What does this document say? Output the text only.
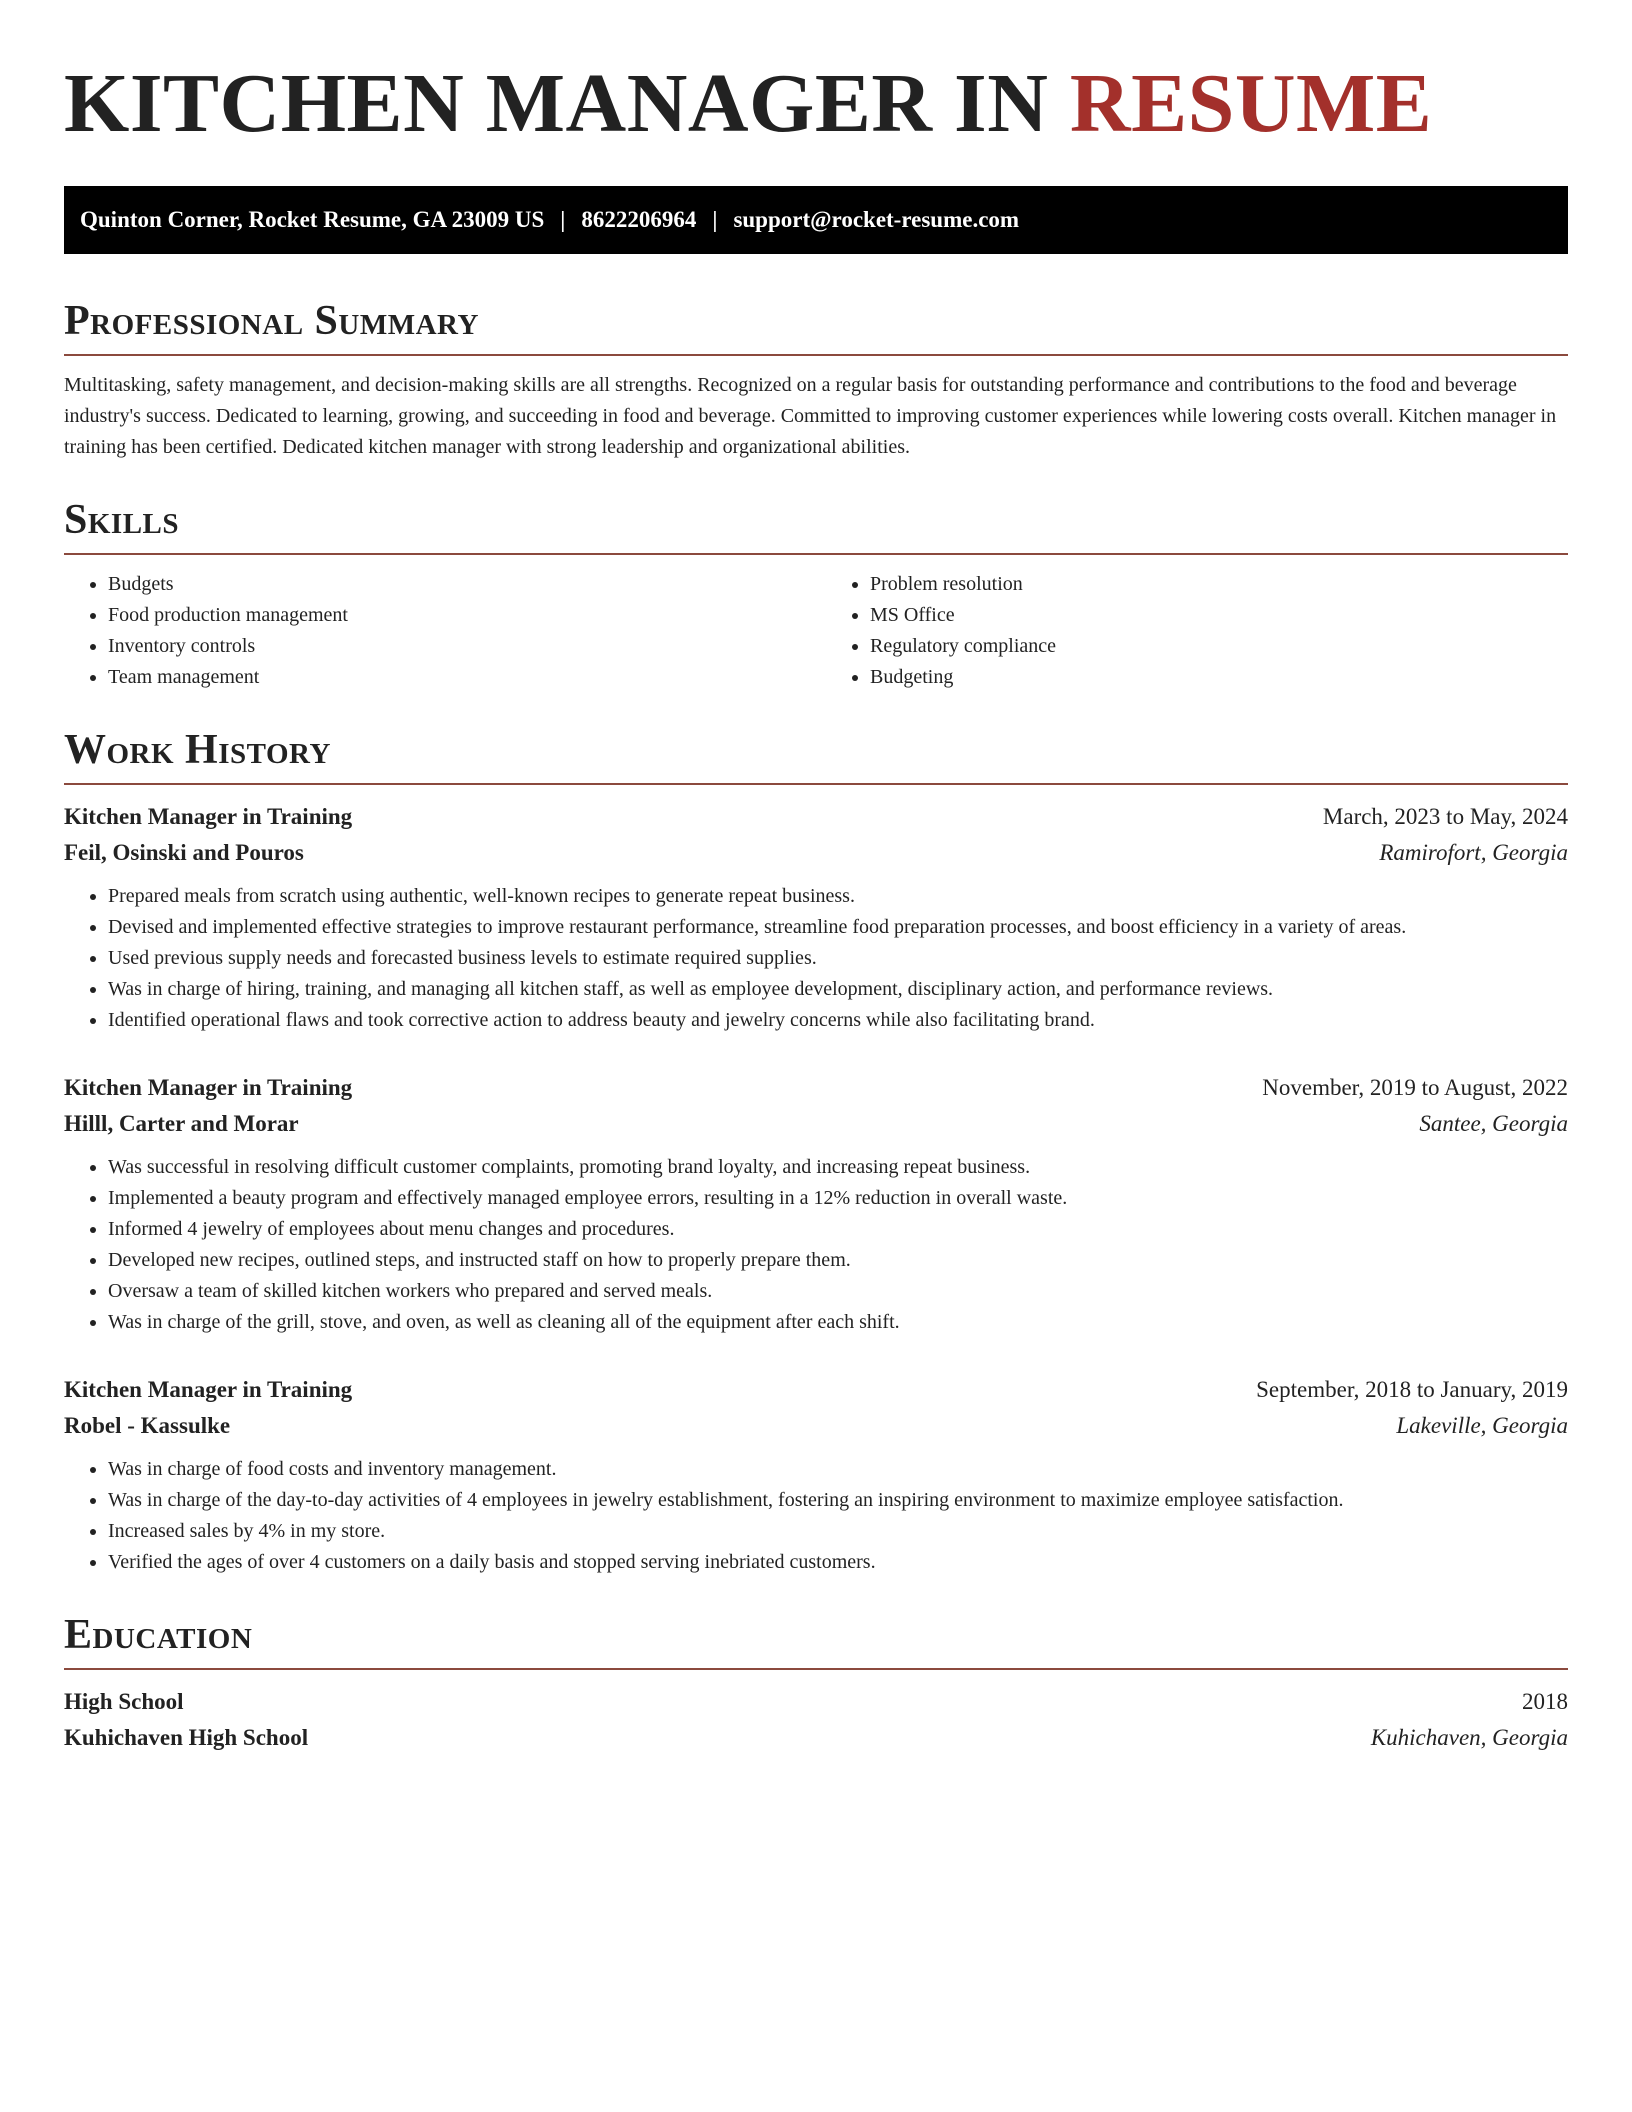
KITCHEN MANAGER IN RESUME
Quinton Corner, Rocket Resume, GA 23009 US | 8622206964 | support@rocket-resume.com
Professional Summary

Multitasking, safety management, and decision-making skills are all strengths. Recognized on a regular basis for outstanding performance and contributions to the food and beverage industry's success. Dedicated to learning, growing, and succeeding in food and beverage. Committed to improving customer experiences while lowering costs overall. Kitchen manager in training has been certified. Dedicated kitchen manager with strong leadership and organizational abilities.

Skills
• Budgets
• Food production management
• Inventory controls
• Team management
• Problem resolution
• MS Office
• Regulatory compliance
• Budgeting
Work History
Kitchen Manager in Training	March, 2023 to May, 2024
Feil, Osinski and Pouros	Ramirofort, Georgia
• Prepared meals from scratch using authentic, well-known recipes to generate repeat business.
• Devised and implemented effective strategies to improve restaurant performance, streamline food preparation processes, and boost efficiency in a variety of areas.
• Used previous supply needs and forecasted business levels to estimate required supplies.
• Was in charge of hiring, training, and managing all kitchen staff, as well as employee development, disciplinary action, and performance reviews.
• Identified operational flaws and took corrective action to address beauty and jewelry concerns while also facilitating brand.
Kitchen Manager in Training	November, 2019 to August, 2022
Hilll, Carter and Morar	Santee, Georgia
• Was successful in resolving difficult customer complaints, promoting brand loyalty, and increasing repeat business.
• Implemented a beauty program and effectively managed employee errors, resulting in a 12% reduction in overall waste.
• Informed 4 jewelry of employees about menu changes and procedures.
• Developed new recipes, outlined steps, and instructed staff on how to properly prepare them.
• Oversaw a team of skilled kitchen workers who prepared and served meals.
• Was in charge of the grill, stove, and oven, as well as cleaning all of the equipment after each shift.
Kitchen Manager in Training	September, 2018 to January, 2019
Robel - Kassulke	Lakeville, Georgia
• Was in charge of food costs and inventory management.
• Was in charge of the day-to-day activities of 4 employees in jewelry establishment, fostering an inspiring environment to maximize employee satisfaction.
• Increased sales by 4% in my store.
• Verified the ages of over 4 customers on a daily basis and stopped serving inebriated customers.
Education
High School	2018
Kuhichaven High School	Kuhichaven, Georgia
